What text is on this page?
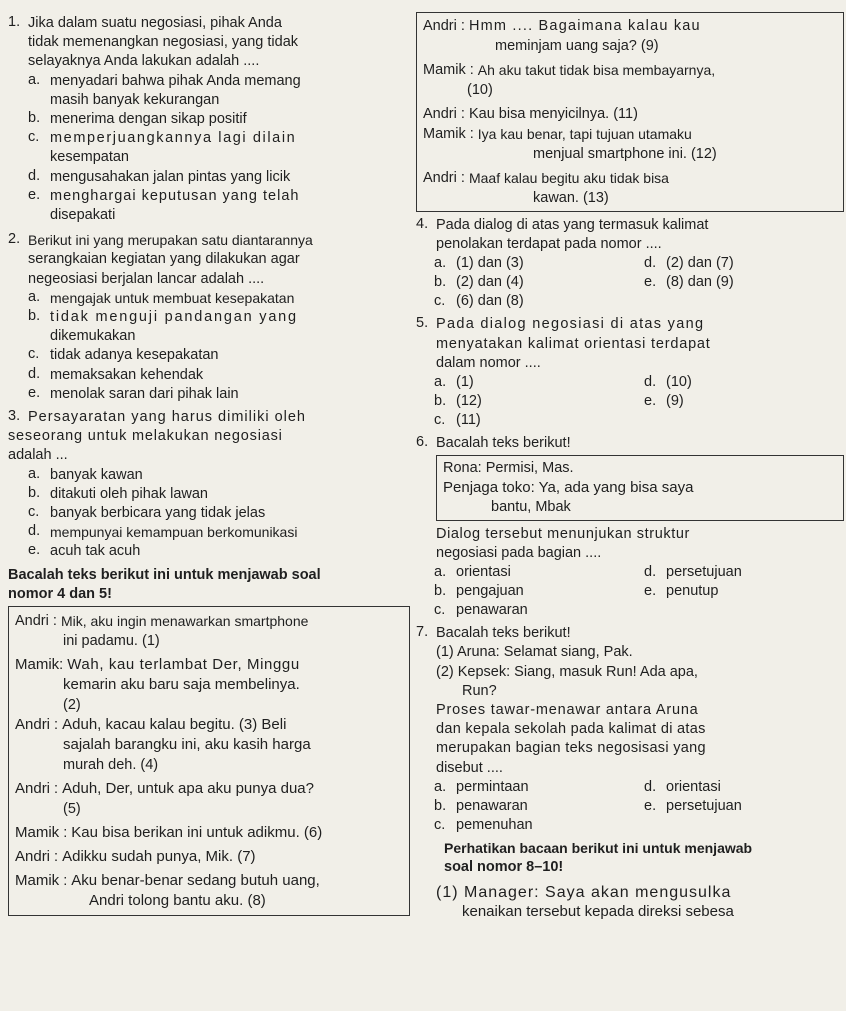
1. Jika dalam suatu negosiasi, pihak Anda
tidak memenangkan negosiasi, yang tidak
selayaknya Anda lakukan adalah ....
a. menyadari bahwa pihak Anda memang
masih banyak kekurangan
b. menerima dengan sikap positif
c. memperjuangkannya lagi dilain
kesempatan
d. mengusahakan jalan pintas yang licik
e. menghargai keputusan yang telah
disepakati
2. Berikut ini yang merupakan satu diantarannya
serangkaian kegiatan yang dilakukan agar
negeosiasi berjalan lancar adalah ....
a. mengajak untuk membuat kesepakatan
b. tidak menguji pandangan yang
dikemukakan
c. tidak adanya kesepakatan
d. memaksakan kehendak
e. menolak saran dari pihak lain
3. Persayaratan yang harus dimiliki oleh
seseorang untuk melakukan negosiasi
adalah ...
a. banyak kawan
b. ditakuti oleh pihak lawan
c. banyak berbicara yang tidak jelas
d. mempunyai kemampuan berkomunikasi
e. acuh tak acuh
Bacalah teks berikut ini untuk menjawab soal
nomor 4 dan 5!
Andri : Mik, aku ingin menawarkan smartphone
ini padamu. (1)
Mamik : Wah, kau terlambat Der, Minggu
kemarin aku baru saja membelinya.
(2)
Andri : Aduh, kacau kalau begitu. (3) Beli
sajalah barangku ini, aku kasih harga
murah deh. (4)
Andri : Aduh, Der, untuk apa aku punya dua?
(5)
Mamik : Kau bisa berikan ini untuk adikmu. (6)
Andri : Adikku sudah punya, Mik. (7)
Mamik : Aku benar-benar sedang butuh uang,
Andri tolong bantu aku. (8)
Andri : Hmm .... Bagaimana kalau kau
meminjam uang saja? (9)
Mamik : Ah aku takut tidak bisa membayarnya,
(10)
Andri : Kau bisa menyicilnya. (11)
Mamik : Iya kau benar, tapi tujuan utamaku
menjual smartphone ini. (12)
Andri : Maaf kalau begitu aku tidak bisa
kawan. (13)
4. Pada dialog di atas yang termasuk kalimat
penolakan terdapat pada nomor ....
a. (1) dan (3)	d. (2) dan (7)
b. (2) dan (4)	e. (8) dan (9)
c. (6) dan (8)
5. Pada dialog negosiasi di atas yang
menyatakan kalimat orientasi terdapat
dalam nomor ....
a. (1)	d. (10)
b. (12)	e. (9)
c. (11)
6. Bacalah teks berikut!
Rona: Permisi, Mas.
Penjaga toko: Ya, ada yang bisa saya
bantu, Mbak
Dialog tersebut menunjukan struktur
negosiasi pada bagian ....
a. orientasi	d. persetujuan
b. pengajuan	e. penutup
c. penawaran
7. Bacalah teks berikut!
(1) Aruna: Selamat siang, Pak.
(2) Kepsek: Siang, masuk Run! Ada apa,
Run?
Proses tawar-menawar antara Aruna
dan kepala sekolah pada kalimat di atas
merupakan bagian teks negosisasi yang
disebut ....
a. permintaan	d. orientasi
b. penawaran	e. persetujuan
c. pemenuhan
Perhatikan bacaan berikut ini untuk menjawab
soal nomor 8–10!
(1) Manager: Saya akan mengusulka
kenaikan tersebut kepada direksi sebesa
